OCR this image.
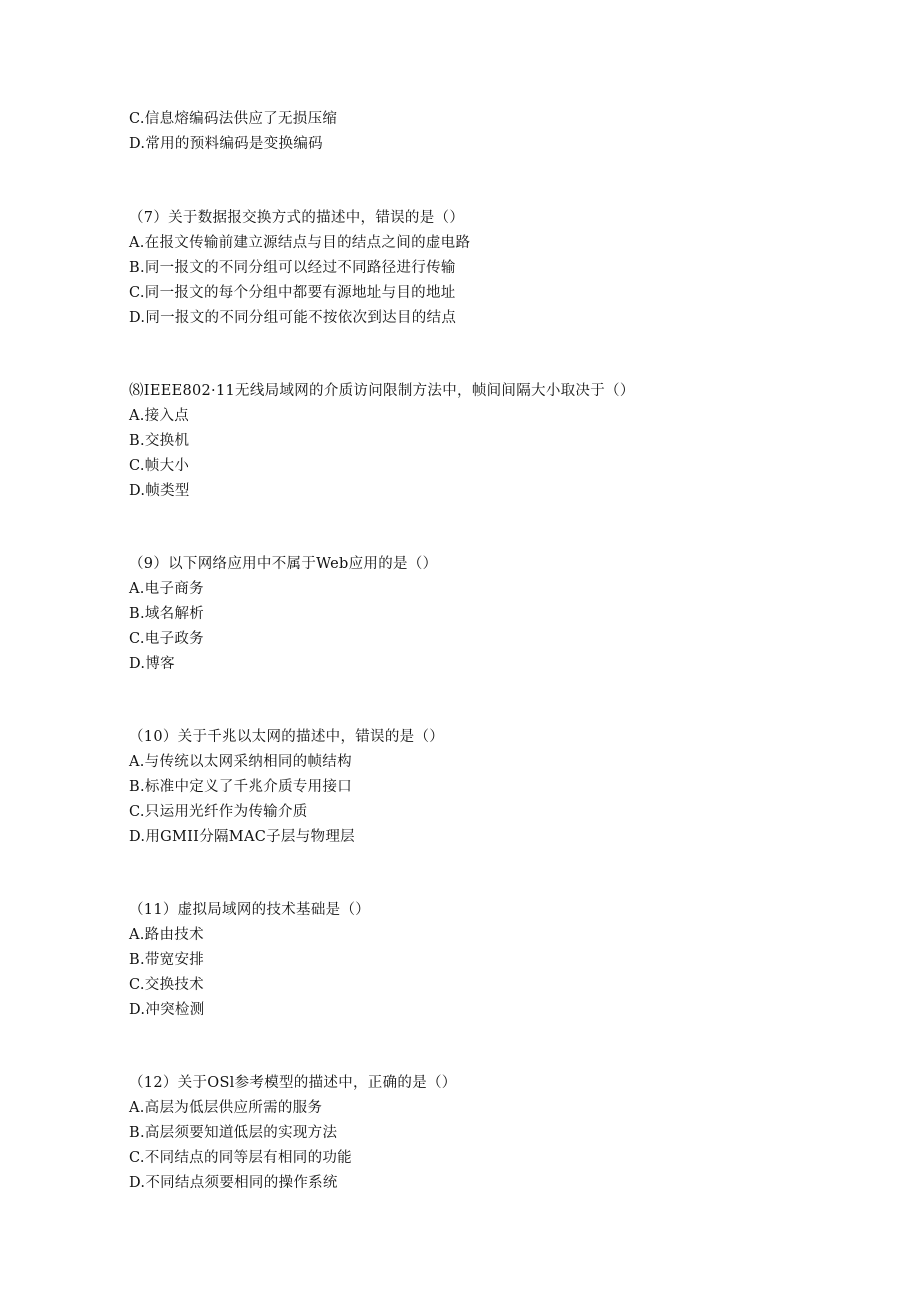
C.信息熔编码法供应了无损压缩
D.常用的预料编码是变换编码
（7）关于数据报交换方式的描述中，错误的是（）
A.在报文传输前建立源结点与目的结点之间的虚电路
B.同一报文的不同分组可以经过不同路径进行传输
C.同一报文的每个分组中都要有源地址与目的地址
D.同一报文的不同分组可能不按依次到达目的结点
⑻IEEE802·11无线局域网的介质访问限制方法中，帧间间隔大小取决于（）
A.接入点
B.交换机
C.帧大小
D.帧类型
（9）以下网络应用中不属于Web应用的是（）
A.电子商务
B.域名解析
C.电子政务
D.博客
（10）关于千兆以太网的描述中，错误的是（）
A.与传统以太网采纳相同的帧结构
B.标准中定义了千兆介质专用接口
C.只运用光纤作为传输介质
D.用GMII分隔MAC子层与物理层
（11）虚拟局域网的技术基础是（）
A.路由技术
B.带宽安排
C.交换技术
D.冲突检测
（12）关于OSl参考模型的描述中，正确的是（）
A.高层为低层供应所需的服务
B.高层须要知道低层的实现方法
C.不同结点的同等层有相同的功能
D.不同结点须要相同的操作系统
